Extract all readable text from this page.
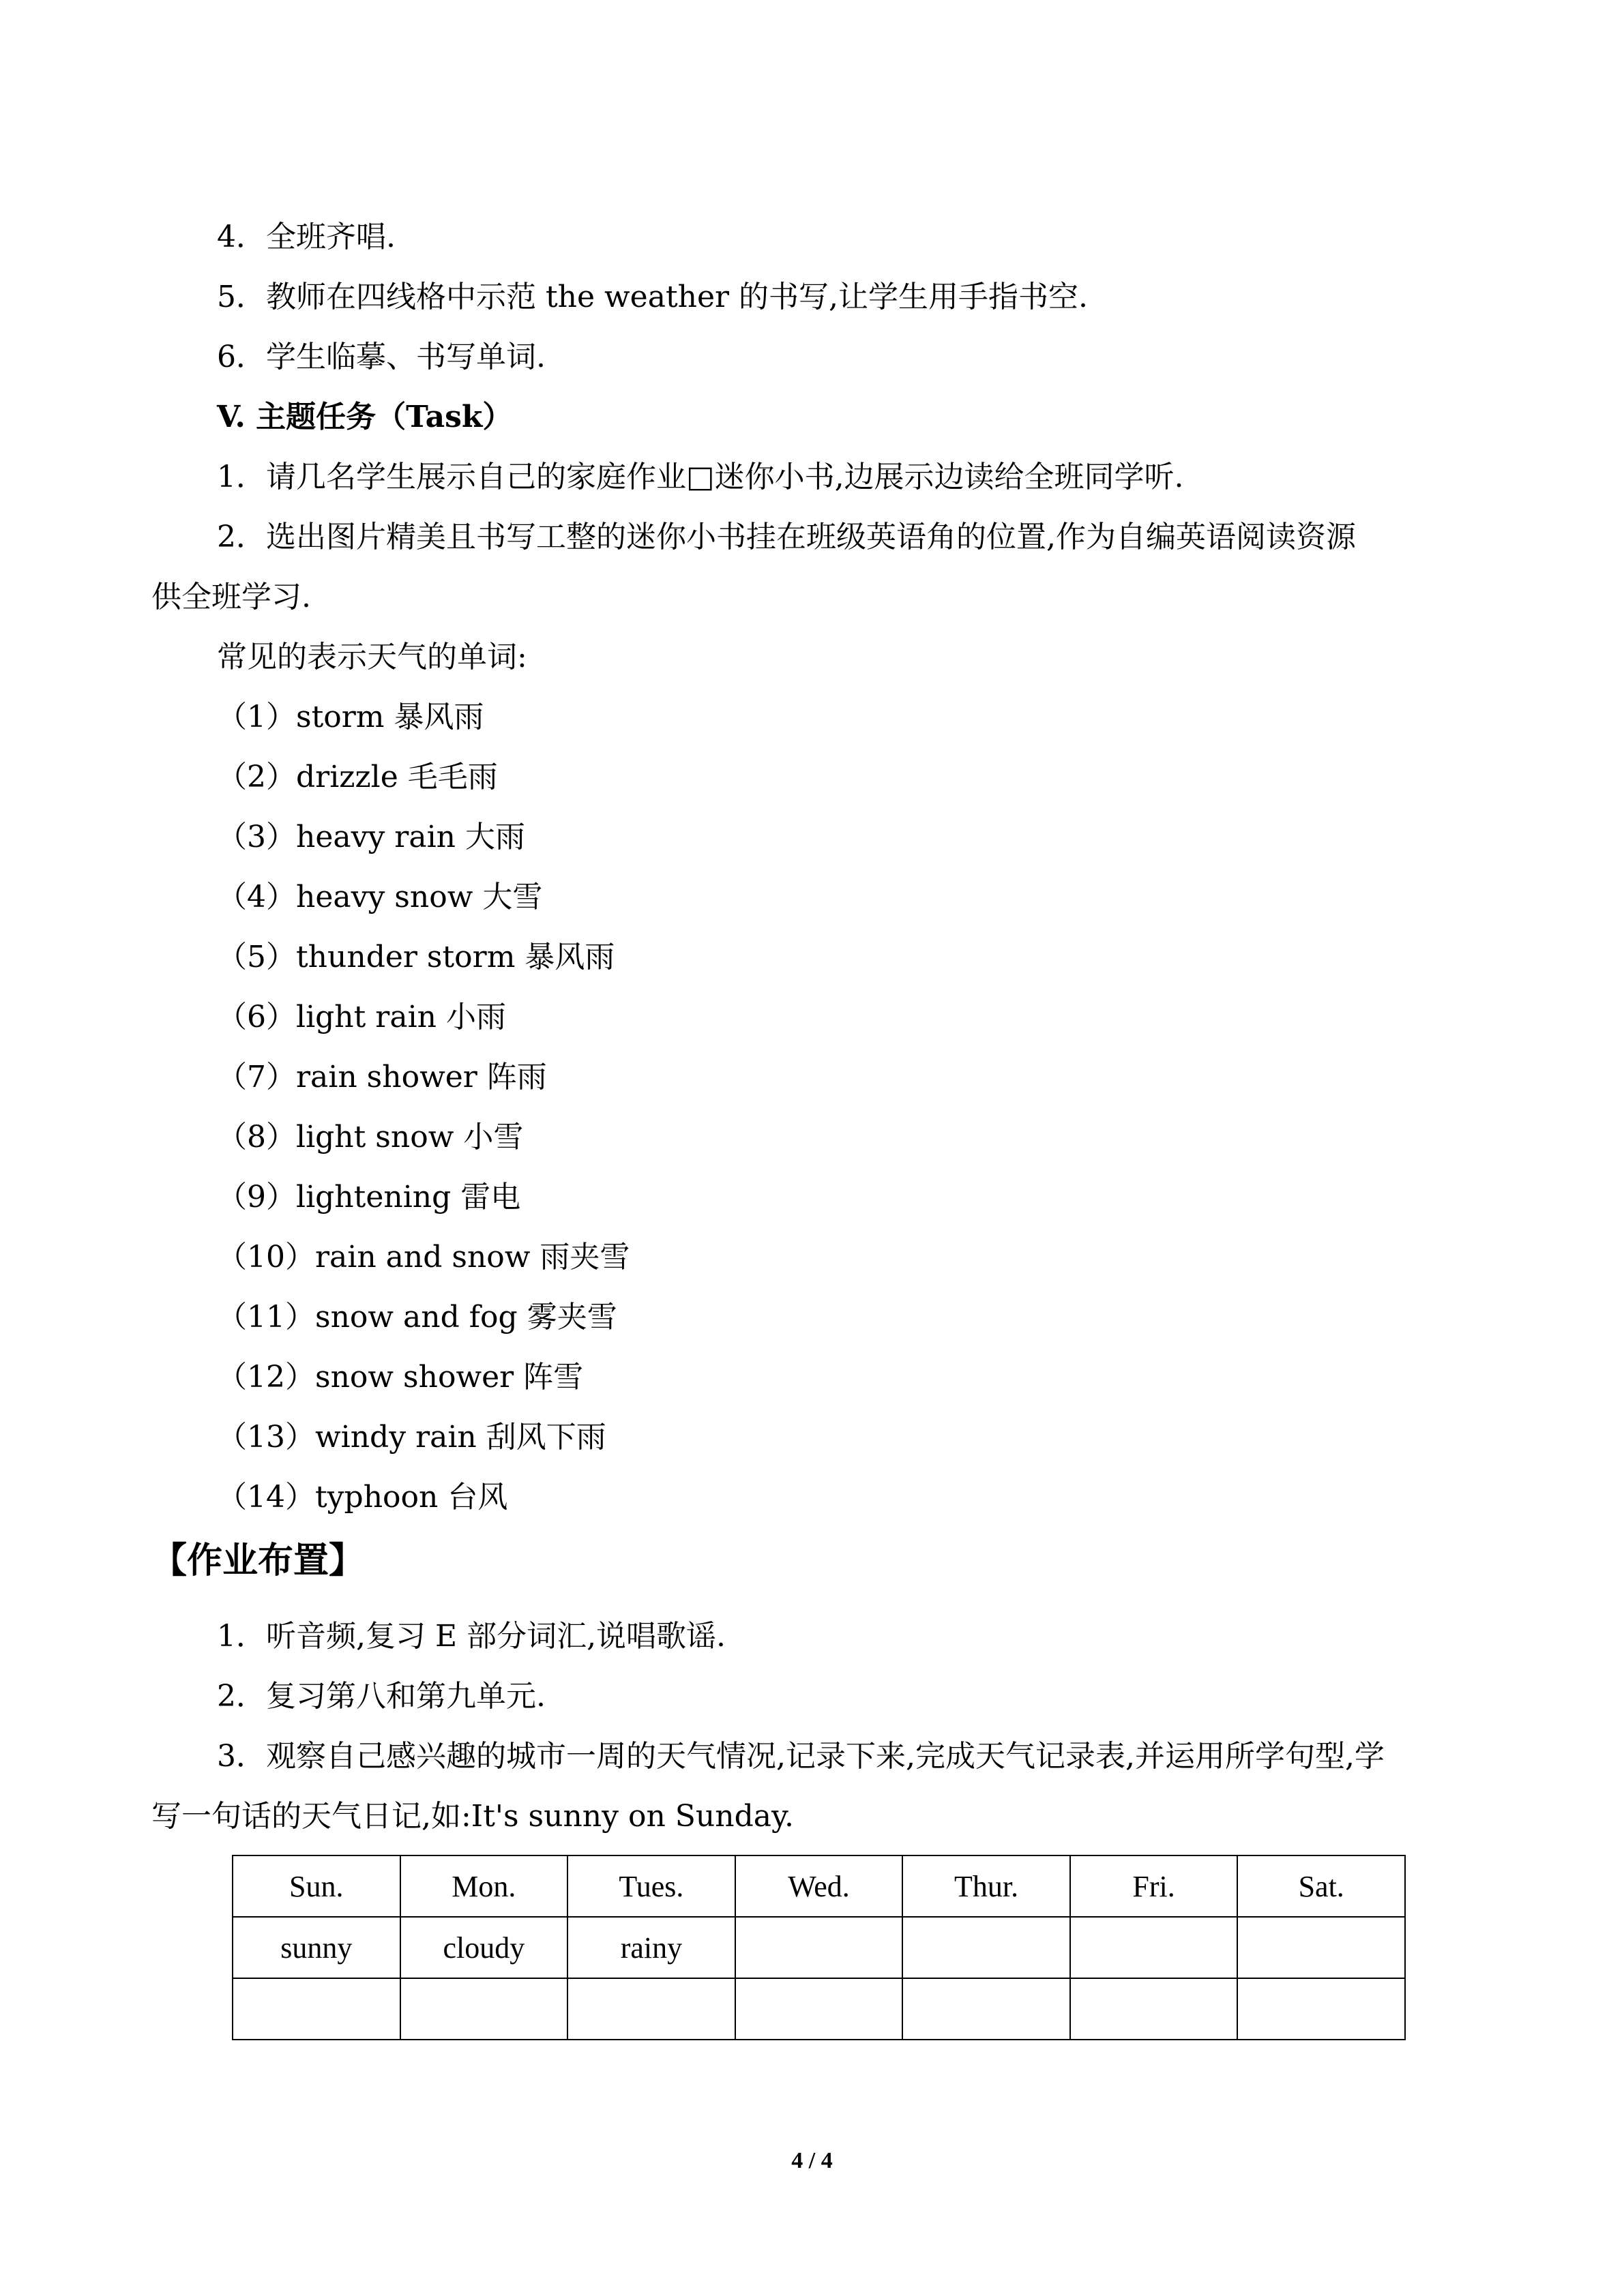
4．全班齐唱.
5．教师在四线格中示范 the weather 的书写,让学生用手指书空.
6．学生临摹、书写单词.
V. 主题任务（Task）
1．请几名学生展示自己的家庭作业□迷你小书,边展示边读给全班同学听.
2．选出图片精美且书写工整的迷你小书挂在班级英语角的位置,作为自编英语阅读资源
供全班学习.
常见的表示天气的单词:
（1）storm 暴风雨
（2）drizzle 毛毛雨
（3）heavy rain 大雨
（4）heavy snow 大雪
（5）thunder storm 暴风雨
（6）light rain 小雨
（7）rain shower 阵雨
（8）light snow 小雪
（9）lightening 雷电
（10）rain and snow 雨夹雪
（11）snow and fog 雾夹雪
（12）snow shower 阵雪
（13）windy rain 刮风下雨
（14）typhoon 台风
【作业布置】
1．听音频,复习 E 部分词汇,说唱歌谣.
2．复习第八和第九单元.
3．观察自己感兴趣的城市一周的天气情况,记录下来,完成天气记录表,并运用所学句型,学
写一句话的天气日记,如:It's sunny on Sunday.
Sun.	Mon.	Tues.	Wed.	Thur.	Fri.	Sat.
sunny	cloudy	rainy				

4 / 4
